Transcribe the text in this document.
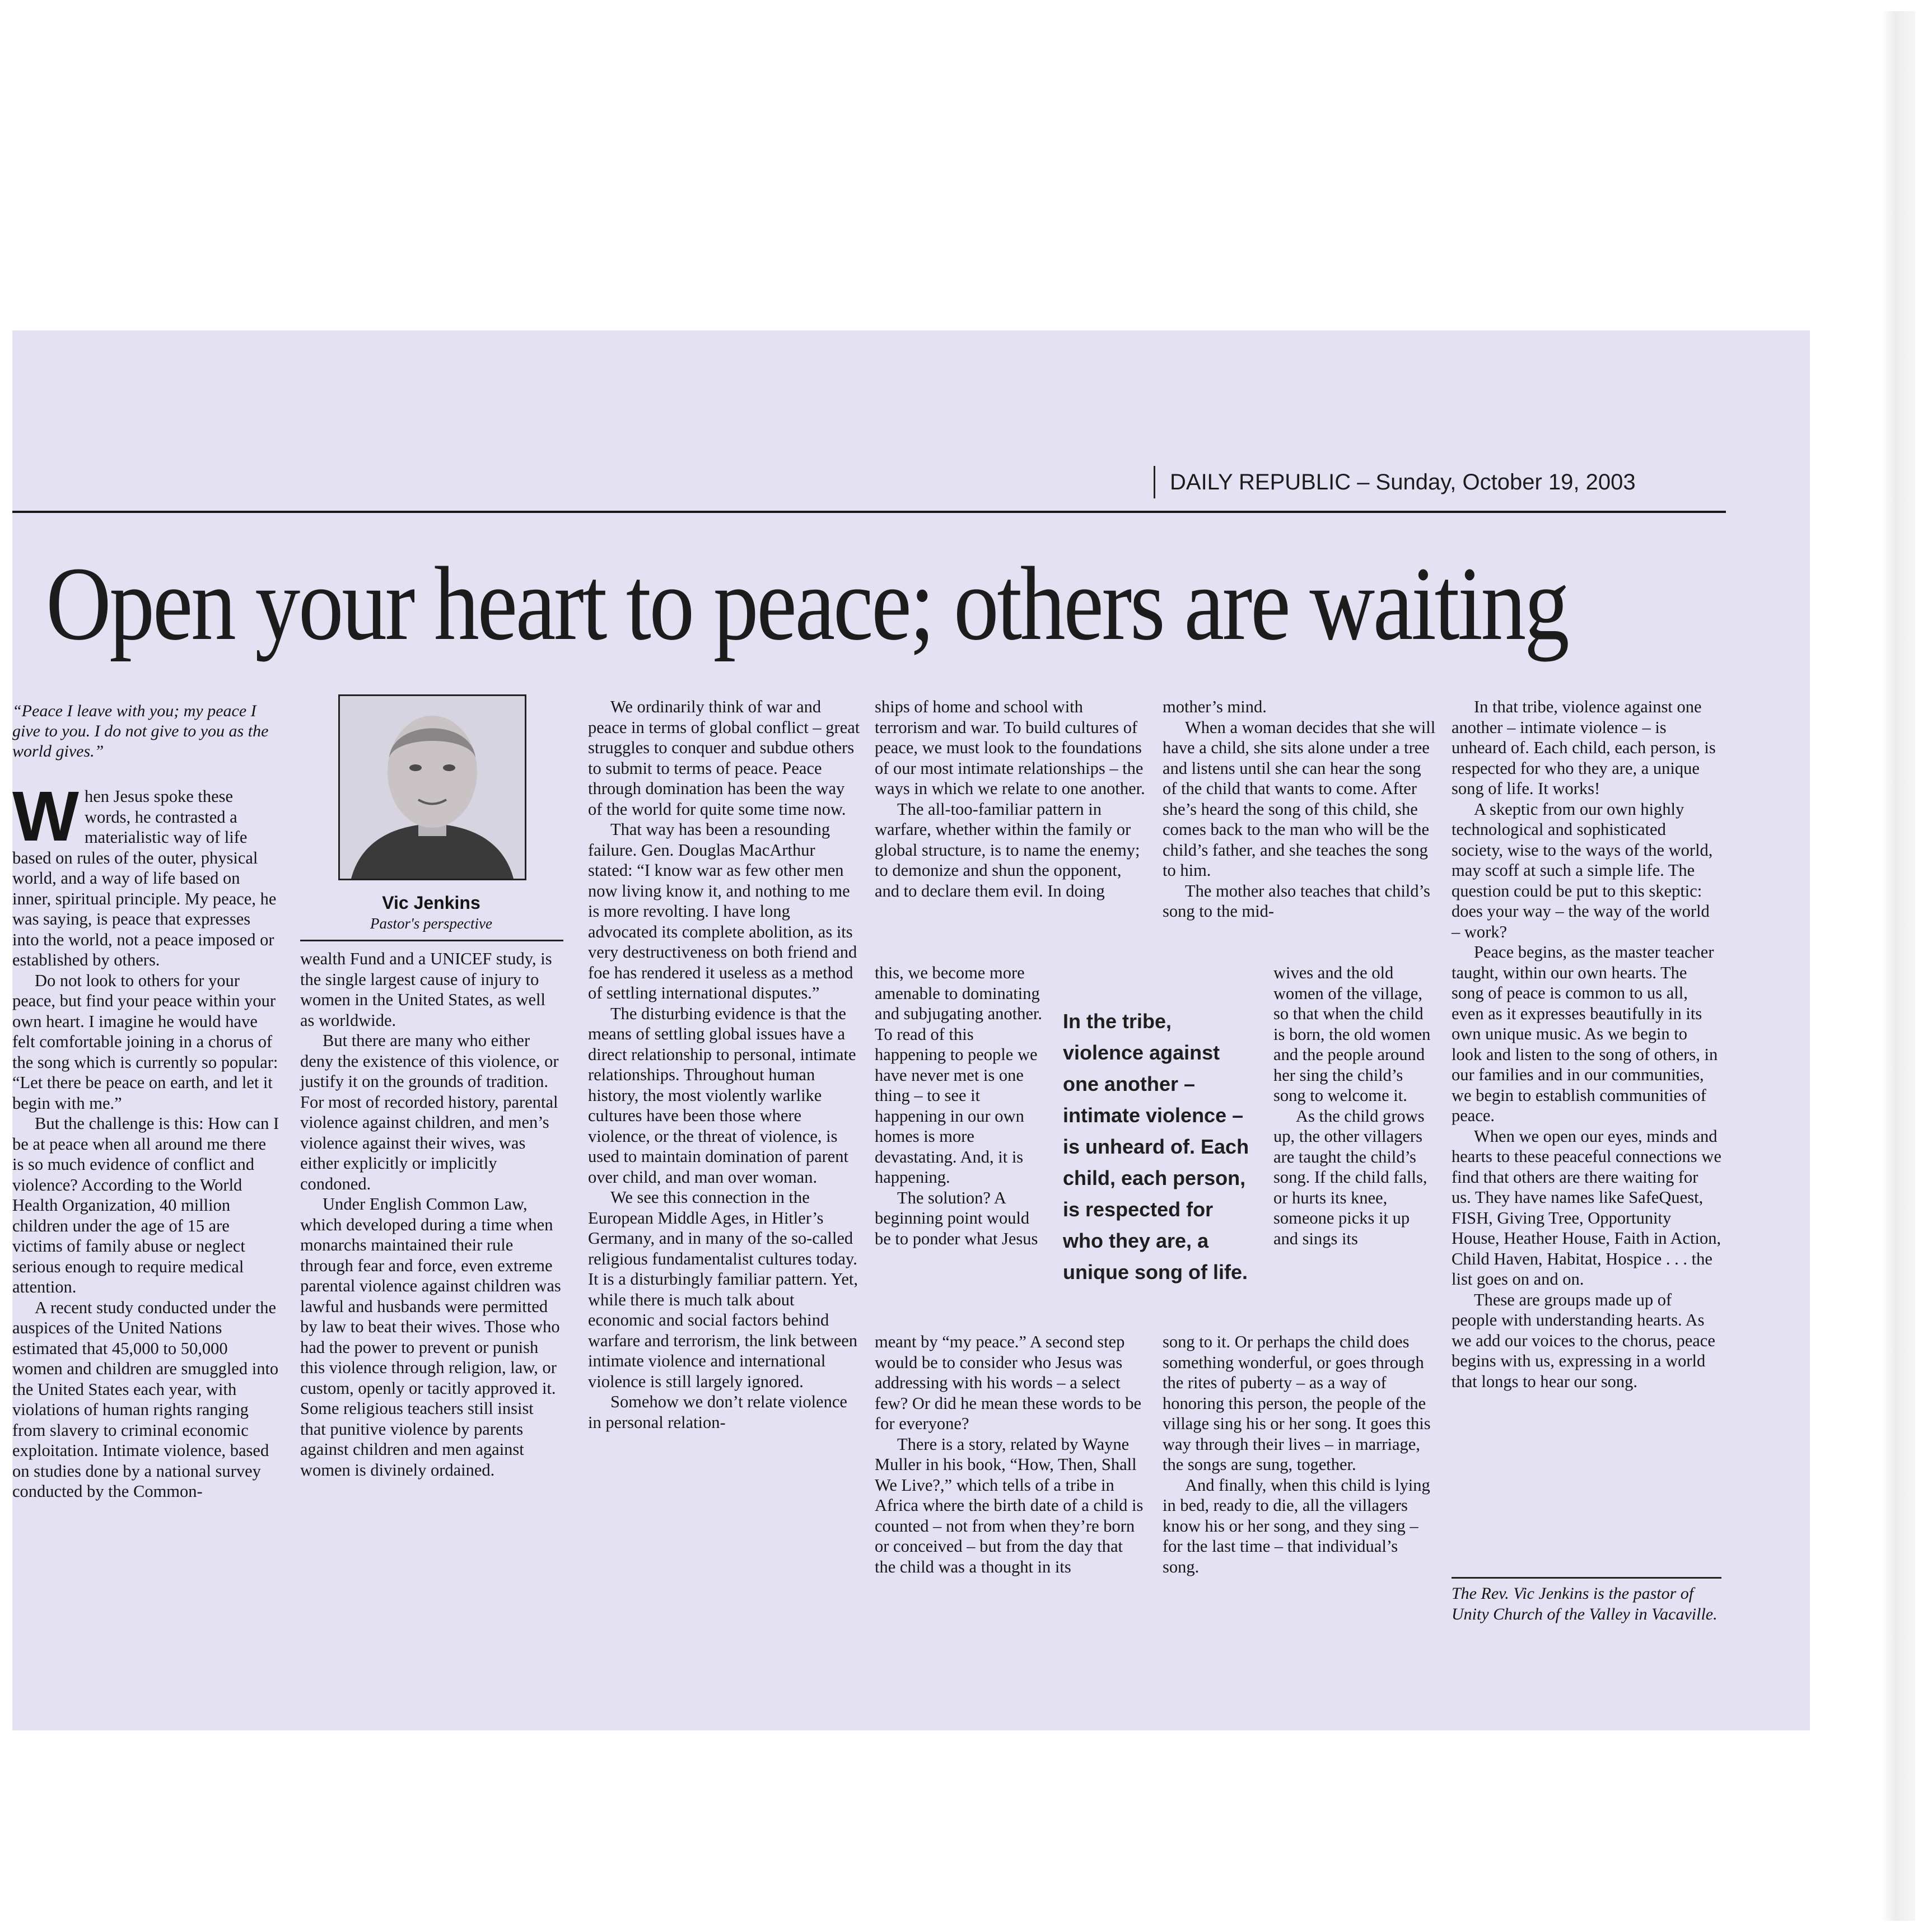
DAILY REPUBLIC – Sunday, October 19, 2003
Open your heart to peace; others are waiting

“Peace I leave with you; my peace I give to you. I do not give to you as the world gives.”

When Jesus spoke these words, he contrasted a materialistic way of life based on rules of the outer, physical world, and a way of life based on inner, spiritual principle. My peace, he was saying, is peace that expresses into the world, not a peace imposed or established by others.

Do not look to others for your peace, but find your peace within your own heart. I imagine he would have felt comfortable joining in a chorus of the song which is currently so popular: “Let there be peace on earth, and let it begin with me.”

But the challenge is this: How can I be at peace when all around me there is so much evidence of conflict and violence? According to the World Health Organization, 40 million children under the age of 15 are victims of family abuse or neglect serious enough to require medical attention.

A recent study conducted under the auspices of the United Nations estimated that 45,000 to 50,000 women and children are smuggled into the United States each year, with violations of human rights ranging from slavery to criminal economic exploitation. Intimate violence, based on studies done by a national survey conducted by the Common-

Vic Jenkins
Pastor's perspective

wealth Fund and a UNICEF study, is the single largest cause of injury to women in the United States, as well as worldwide.

But there are many who either deny the existence of this violence, or justify it on the grounds of tradition. For most of recorded history, parental violence against children, and men’s violence against their wives, was either explicitly or implicitly condoned.

Under English Common Law, which developed during a time when monarchs maintained their rule through fear and force, even extreme parental violence against children was lawful and husbands were permitted by law to beat their wives. Those who had the power to prevent or punish this violence through religion, law, or custom, openly or tacitly approved it. Some religious teachers still insist that punitive violence by parents against children and men against women is divinely ordained.

We ordinarily think of war and peace in terms of global conflict – great struggles to conquer and subdue others to submit to terms of peace. Peace through domination has been the way of the world for quite some time now.

That way has been a resounding failure. Gen. Douglas MacArthur stated: “I know war as few other men now living know it, and nothing to me is more revolting. I have long advocated its complete abolition, as its very destructiveness on both friend and foe has rendered it useless as a method of settling international disputes.”

The disturbing evidence is that the means of settling global issues have a direct relationship to personal, intimate relationships. Throughout human history, the most violently warlike cultures have been those where violence, or the threat of violence, is used to maintain domination of parent over child, and man over woman.

We see this connection in the European Middle Ages, in Hitler’s Germany, and in many of the so-called religious fundamentalist cultures today. It is a disturbingly familiar pattern. Yet, while there is much talk about economic and social factors behind warfare and terrorism, the link between intimate violence and international violence is still largely ignored.

Somehow we don’t relate violence in personal relation-

ships of home and school with terrorism and war. To build cultures of peace, we must look to the foundations of our most intimate relationships – the ways in which we relate to one another.

The all-too-familiar pattern in warfare, whether within the family or global structure, is to name the enemy; to demonize and shun the opponent, and to declare them evil. In doing

this, we become more amenable to dominating and subjugating another. To read of this happening to people we have never met is one thing – to see it happening in our own homes is more devastating. And, it is happening.

The solution? A beginning point would be to ponder what Jesus

meant by “my peace.” A second step would be to consider who Jesus was addressing with his words – a select few? Or did he mean these words to be for everyone?

There is a story, related by Wayne Muller in his book, “How, Then, Shall We Live?,” which tells of a tribe in Africa where the birth date of a child is counted – not from when they’re born or conceived – but from the day that the child was a thought in its

In the tribe, violence against one another – intimate violence – is unheard of. Each child, each person, is respected for who they are, a unique song of life.

mother’s mind.

When a woman decides that she will have a child, she sits alone under a tree and listens until she can hear the song of the child that wants to come. After she’s heard the song of this child, she comes back to the man who will be the child’s father, and she teaches the song to him.

The mother also teaches that child’s song to the mid-

wives and the old women of the village, so that when the child is born, the old women and the people around her sing the child’s song to welcome it.

As the child grows up, the other villagers are taught the child’s song. If the child falls, or hurts its knee, someone picks it up and sings its

song to it. Or perhaps the child does something wonderful, or goes through the rites of puberty – as a way of honoring this person, the people of the village sing his or her song. It goes this way through their lives – in marriage, the songs are sung, together.

And finally, when this child is lying in bed, ready to die, all the villagers know his or her song, and they sing – for the last time – that individual’s song.

In that tribe, violence against one another – intimate violence – is unheard of. Each child, each person, is respected for who they are, a unique song of life. It works!

A skeptic from our own highly technological and sophisticated society, wise to the ways of the world, may scoff at such a simple life. The question could be put to this skeptic: does your way – the way of the world – work?

Peace begins, as the master teacher taught, within our own hearts. The song of peace is common to us all, even as it expresses beautifully in its own unique music. As we begin to look and listen to the song of others, in our families and in our communities, we begin to establish communities of peace.

When we open our eyes, minds and hearts to these peaceful connections we find that others are there waiting for us. They have names like SafeQuest, FISH, Giving Tree, Opportunity House, Heather House, Faith in Action, Child Haven, Habitat, Hospice . . . the list goes on and on.

These are groups made up of people with understanding hearts. As we add our voices to the chorus, peace begins with us, expressing in a world that longs to hear our song.

The Rev. Vic Jenkins is the pastor of Unity Church of the Valley in Vacaville.
